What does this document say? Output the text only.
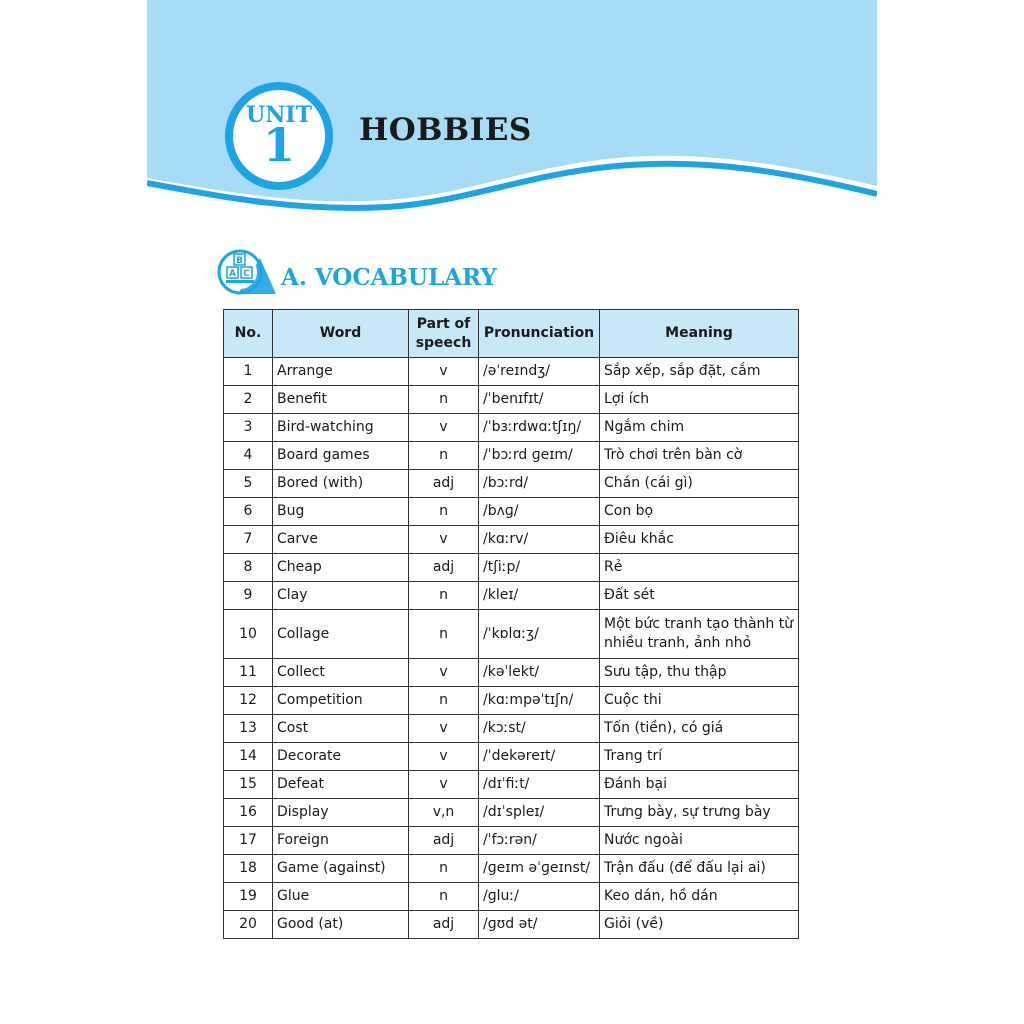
UNIT
1	HOBBIES
B
A C A. VOCABULARY
No.	Word	Part of speech	Pronunciation	Meaning
1	Arrange	v	/əˈreɪndʒ/	Sắp xếp, sắp đặt, cắm
2	Benefit	n	/ˈbenɪfɪt/	Lợi ích
3	Bird-watching	v	/ˈbɜːrdwɑːtʃɪŋ/	Ngắm chim
4	Board games	n	/ˈbɔːrd ɡeɪm/	Trò chơi trên bàn cờ
5	Bored (with)	adj	/bɔːrd/	Chán (cái gì)
6	Bug	n	/bʌɡ/	Con bọ
7	Carve	v	/kɑːrv/	Điêu khắc
8	Cheap	adj	/tʃiːp/	Rẻ
9	Clay	n	/kleɪ/	Đất sét
10	Collage	n	/ˈkɒlɑːʒ/	Một bức tranh tạo thành từ nhiều tranh, ảnh nhỏ
11	Collect	v	/kəˈlekt/	Sưu tập, thu thập
12	Competition	n	/kɑːmpəˈtɪʃn/	Cuộc thi
13	Cost	v	/kɔːst/	Tốn (tiền), có giá
14	Decorate	v	/ˈdekəreɪt/	Trang trí
15	Defeat	v	/dɪˈfiːt/	Đánh bại
16	Display	v,n	/dɪˈspleɪ/	Trưng bày, sự trưng bày
17	Foreign	adj	/ˈfɔːrən/	Nước ngoài
18	Game (against)	n	/ɡeɪm əˈɡeɪnst/	Trận đấu (để đấu lại ai)
19	Glue	n	/ɡluː/	Keo dán, hồ dán
20	Good (at)	adj	/ɡʊd ət/	Giỏi (về)
